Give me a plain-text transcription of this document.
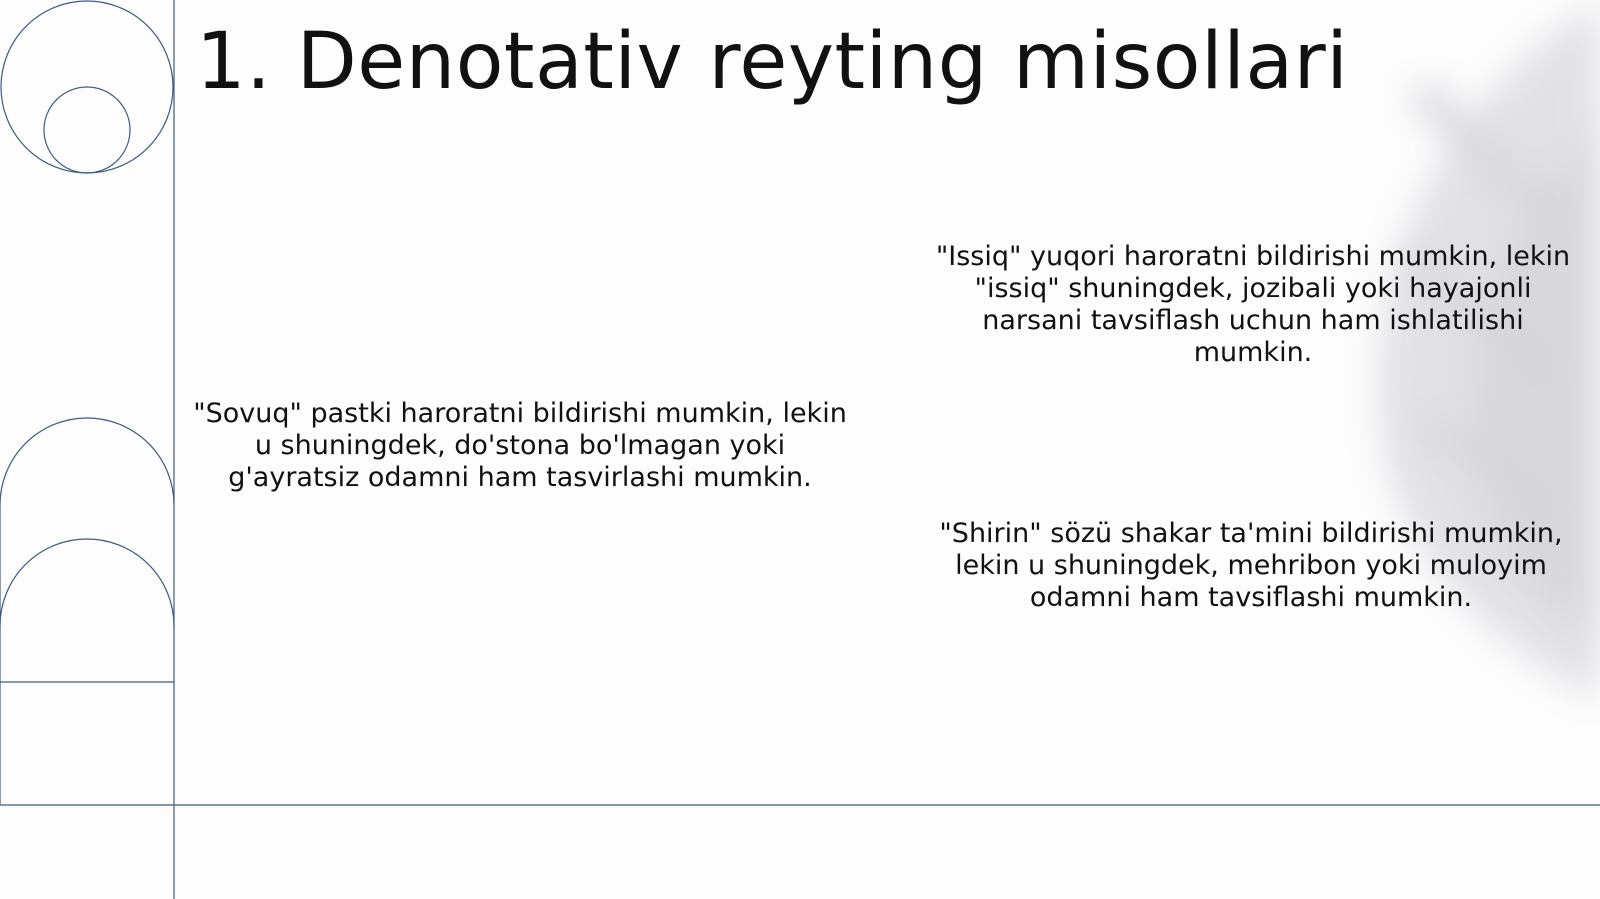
1. Denotativ reyting misollari

"Sovuq" pastki haroratni bildirishi mumkin, lekin u shuningdek, do'stona bo'lmagan yoki g'ayratsiz odamni ham tasvirlashi mumkin.

"Issiq" yuqori haroratni bildirishi mumkin, lekin "issiq" shuningdek, jozibali yoki hayajonli narsani tavsiflash uchun ham ishlatilishi mumkin.

"Shirin" sözü shakar ta'mini bildirishi mumkin, lekin u shuningdek, mehribon yoki muloyim odamni ham tavsiflashi mumkin.
